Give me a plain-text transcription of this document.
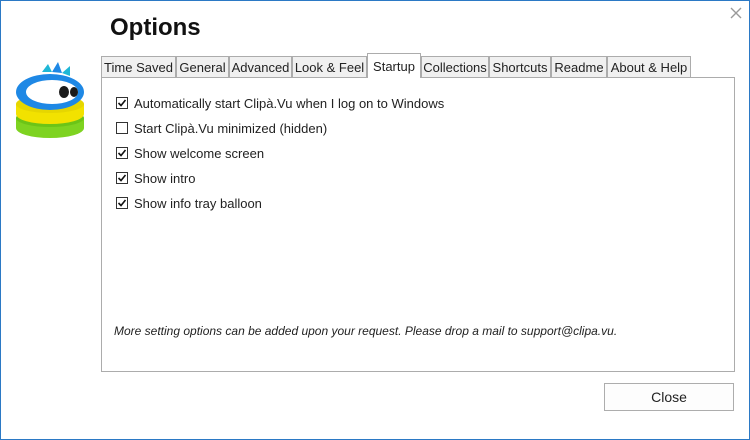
Options
Time Saved General Advanced Look & Feel Startup Collections Shortcuts Readme About & Help
Automatically start Clipà.Vu when I log on to Windows
Start Clipà.Vu minimized (hidden)
Show welcome screen
Show intro
Show info tray balloon
More setting options can be added upon your request. Please drop a mail to support@clipa.vu.
Close
